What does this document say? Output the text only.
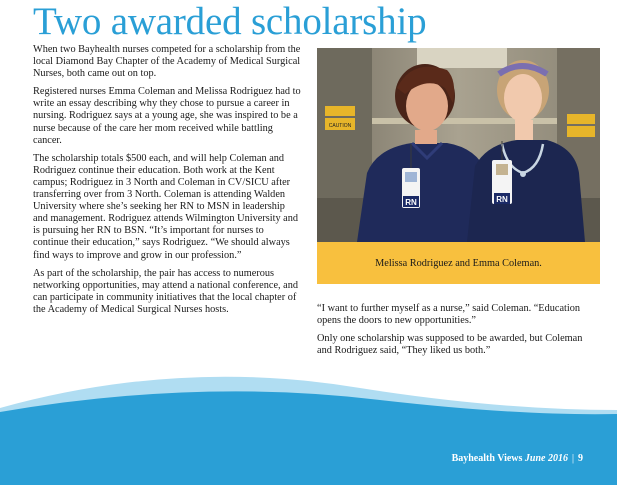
Two awarded scholarship

When two Bayhealth nurses competed for a scholarship from the local Diamond Bay Chapter of the Academy of Medical Surgical Nurses, both came out on top.

Registered nurses Emma Coleman and Melissa Rodriguez had to write an essay describing why they chose to pursue a career in nursing. Rodriguez says at a young age, she was inspired to be a nurse because of the care her mom received while battling cancer.

The scholarship totals $500 each, and will help Coleman and Rodriguez continue their education. Both work at the Kent campus; Rodriguez in 3 North and Coleman in CV/SICU after transferring over from 3 North. Coleman is attending Walden University where she’s seeking her RN to MSN in leadership and management. Rodriguez attends Wilmington University and is pursuing her RN to BSN. “It’s important for nurses to continue their education,” says Rodriguez. “We should always find ways to improve and grow in our profession.”

As part of the scholarship, the pair has access to numerous networking opportunities, may attend a national conference, and can participate in community initiatives that the local chapter of the Academy of Medical Surgical Nurses hosts.

CAUTION
RN	RN
Melissa Rodriguez and Emma Coleman.

“I want to further myself as a nurse,” said Coleman. “Education opens the doors to new opportunities.”

Only one scholarship was supposed to be awarded, but Coleman and Rodriguez said, “They liked us both.”

Bayhealth Views June 2016 | 9
